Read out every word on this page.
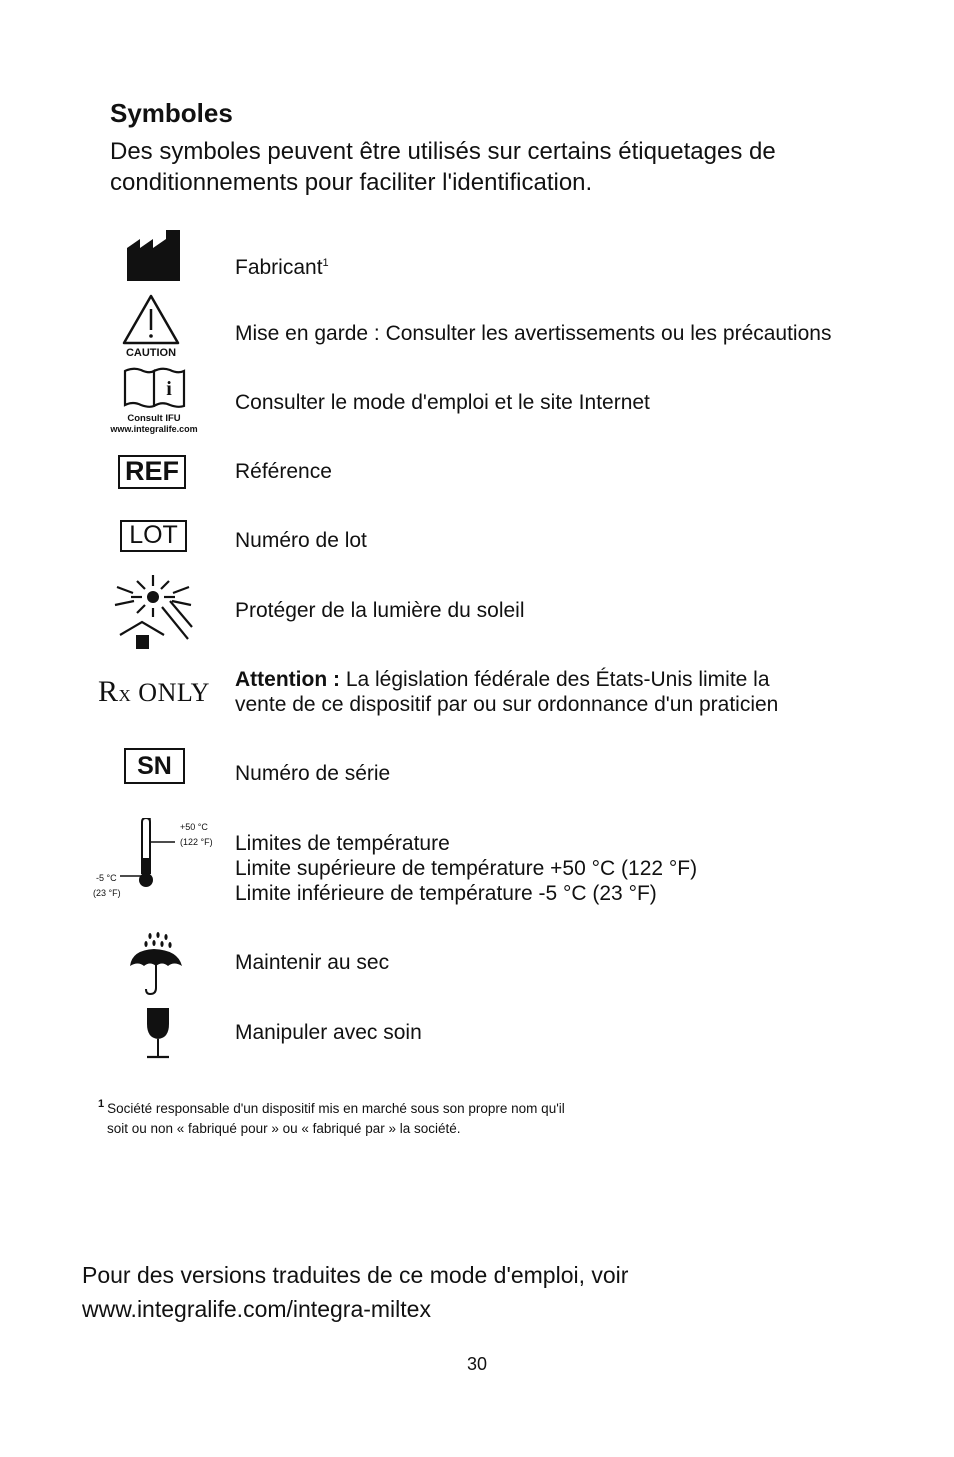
Symboles

Des symboles peuvent être utilisés sur certains étiquetages de conditionnements pour faciliter l'identification.

Fabricant$^1$
CAUTION
Mise en garde : Consulter les avertissements ou les précautions
i
Consult IFU
www.integralife.com
Consulter le mode d'emploi et le site Internet
REF	Référence
LOT	Numéro de lot
Protéger de la lumière du soleil
RX ONLY Attention : La législation fédérale des États-Unis limite la
vente de ce dispositif par ou sur ordonnance d'un praticien
SN	Numéro de série
+50 °C
(122 °F)
-5 °C
(23 °F)
Limites de température
Limite supérieure de température +50 °C (122 °F)
Limite inférieure de température -5 °C (23 °F)
Maintenir au sec
Manipuler avec soin
$^1$ Société responsable d'un dispositif mis en marché sous son propre nom qu'il
soit ou non « fabriqué pour » ou « fabriqué par » la société.

Pour des versions traduites de ce mode d'emploi, voir
www.integralife.com/integra-miltex

30
